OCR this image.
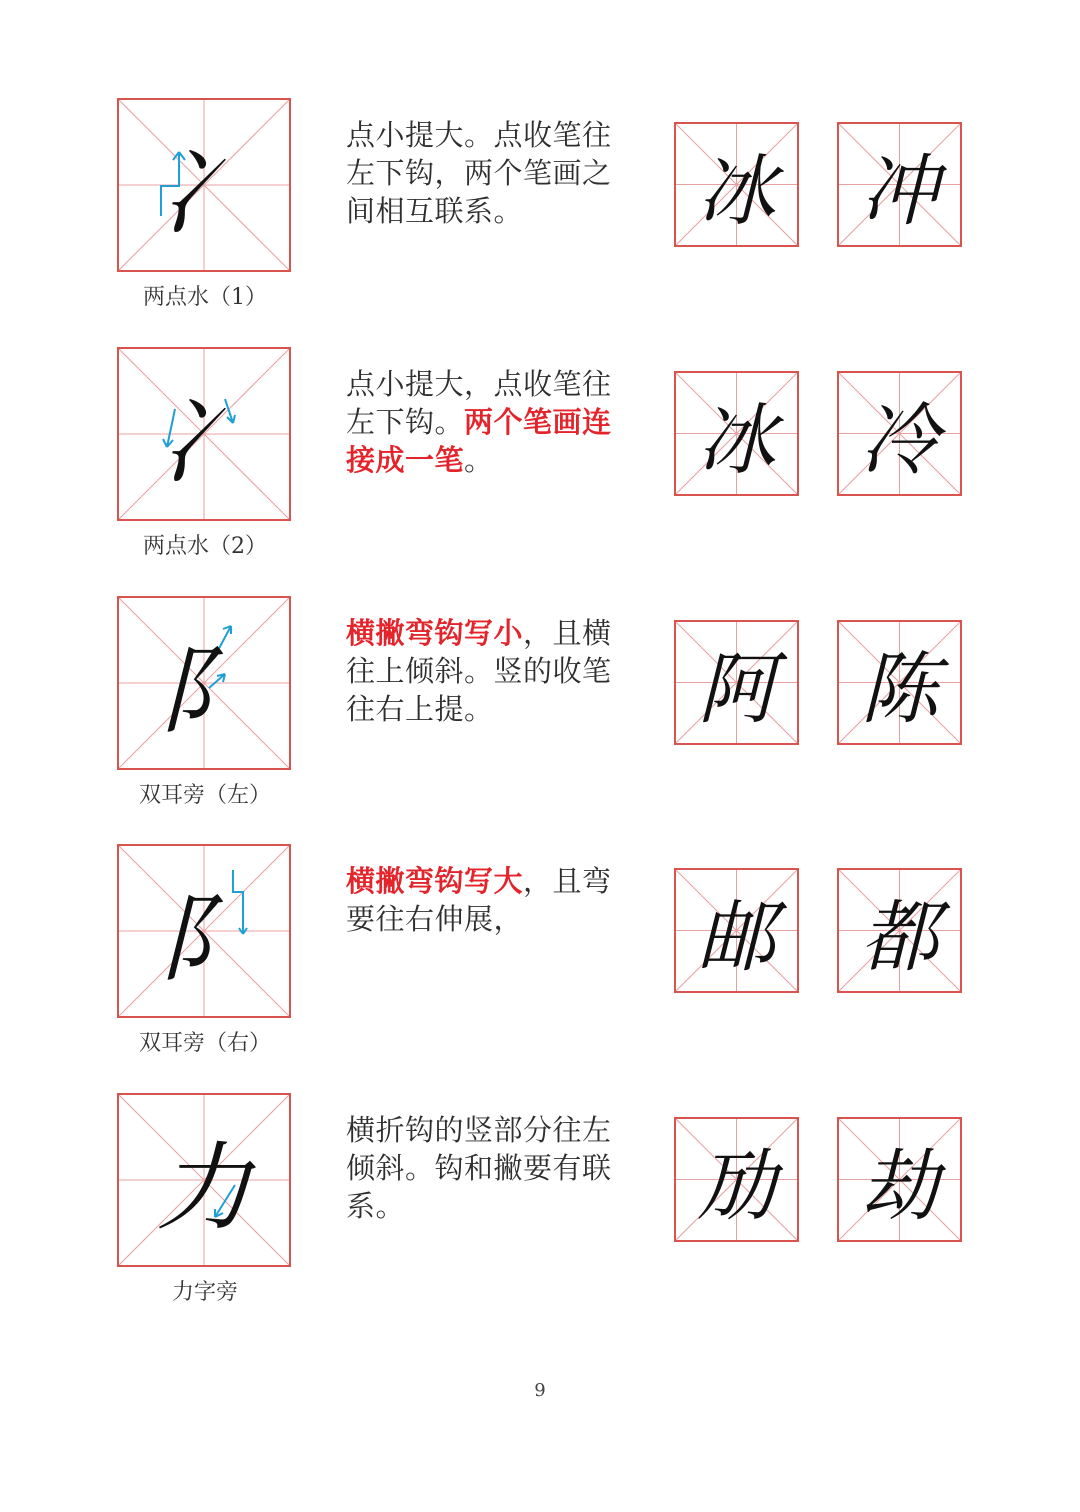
冫
两点水（1）
点小提大。点收笔往左下钩，两个笔画之间相互联系。	冰	冲
冫
两点水（2）
点小提大，点收笔往左下钩。两个笔画连接成一笔。	冰	冷
阝
双耳旁（左）
横撇弯钩写小，且横往上倾斜。竖的收笔往右上提。	阿	陈
阝
双耳旁（右）
横撇弯钩写大，且弯要往右伸展，	邮	都
力
力字旁
横折钩的竖部分往左倾斜。钩和撇要有联系。	劢	劫
9
